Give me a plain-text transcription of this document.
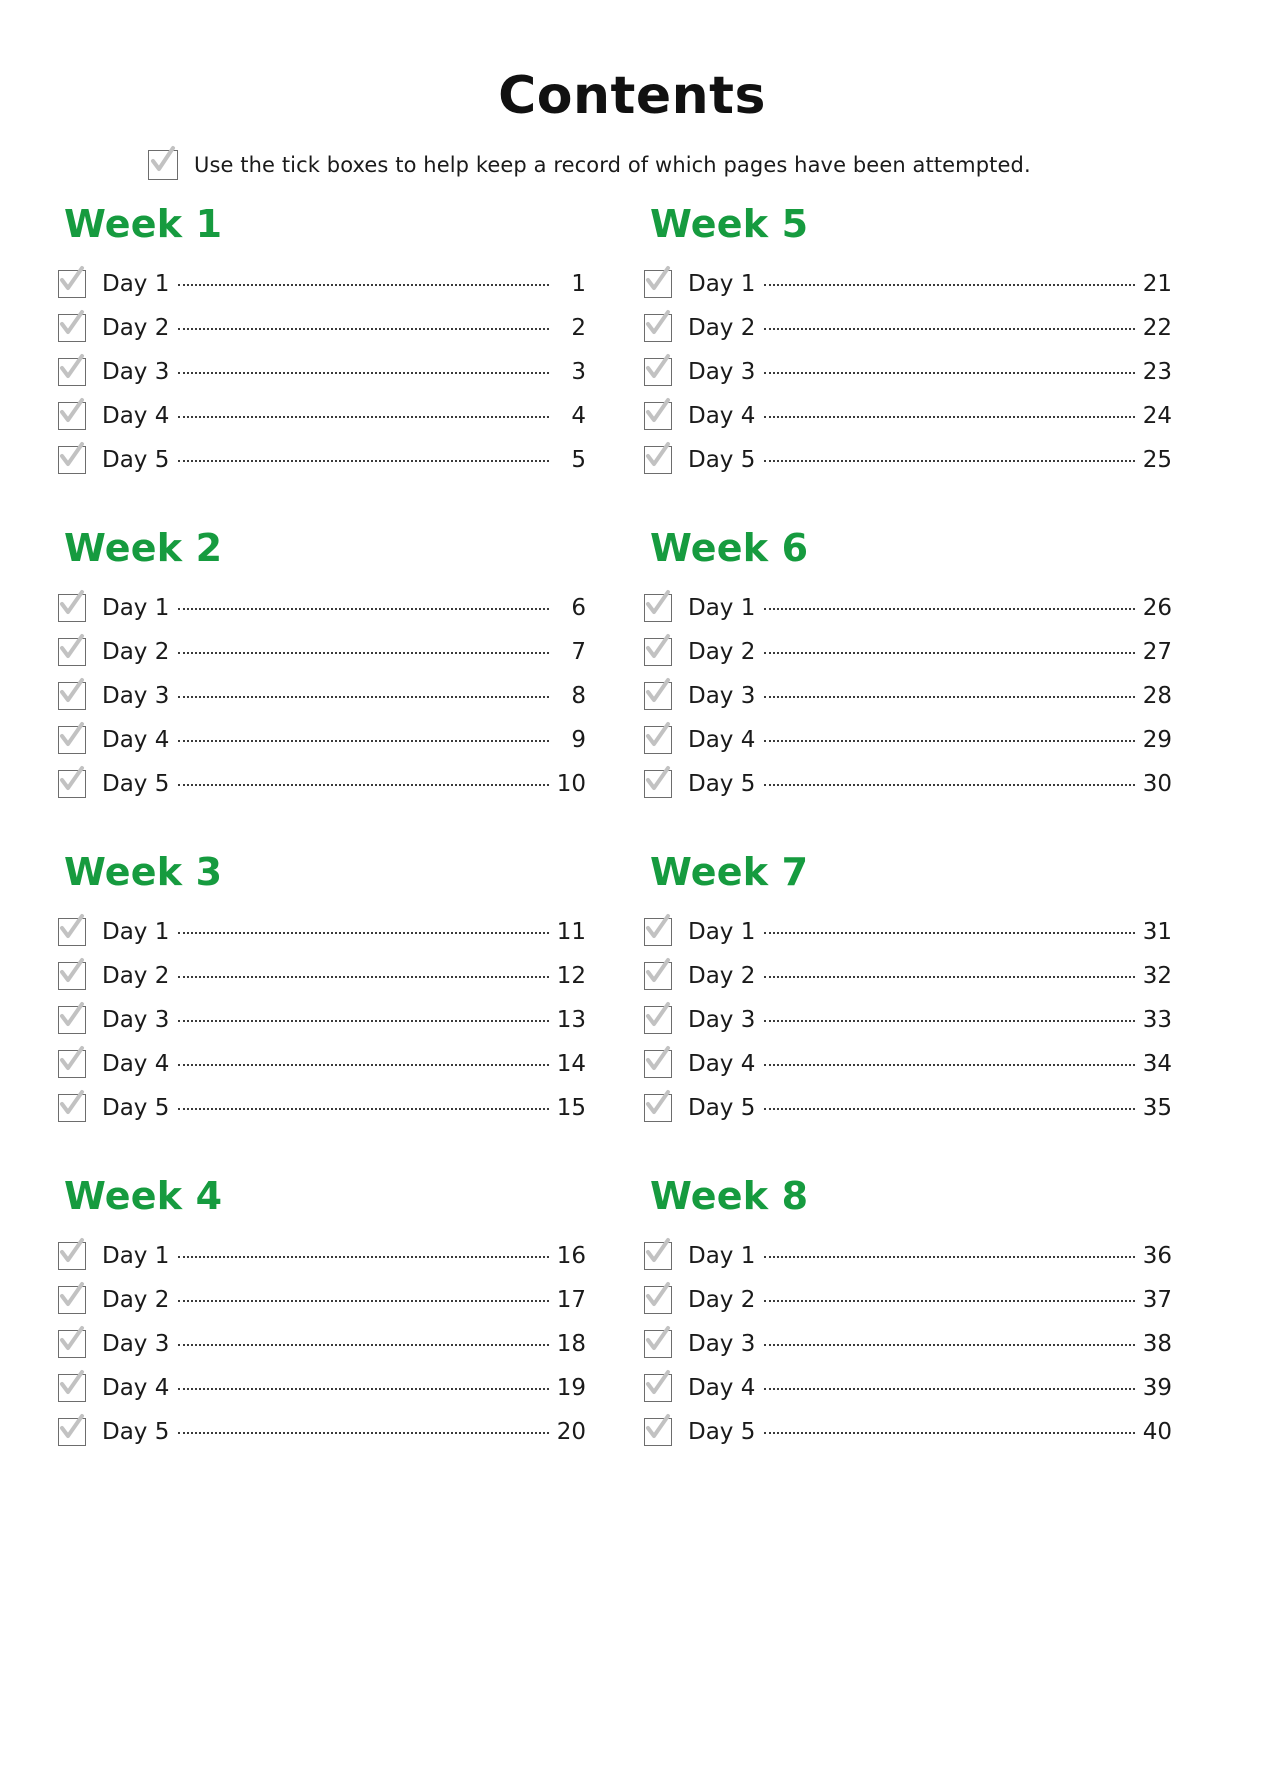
Contents
Use the tick boxes to help keep a record of which pages have been attempted.
Week 1
Day 1	1
Day 2	2
Day 3	3
Day 4	4
Day 5	5
Week 2
Day 1	6
Day 2	7
Day 3	8
Day 4	9
Day 5	10
Week 3
Day 1	11
Day 2	12
Day 3	13
Day 4	14
Day 5	15
Week 4
Day 1	16
Day 2	17
Day 3	18
Day 4	19
Day 5	20
Week 5
Day 1	21
Day 2	22
Day 3	23
Day 4	24
Day 5	25
Week 6
Day 1	26
Day 2	27
Day 3	28
Day 4	29
Day 5	30
Week 7
Day 1	31
Day 2	32
Day 3	33
Day 4	34
Day 5	35
Week 8
Day 1	36
Day 2	37
Day 3	38
Day 4	39
Day 5	40
